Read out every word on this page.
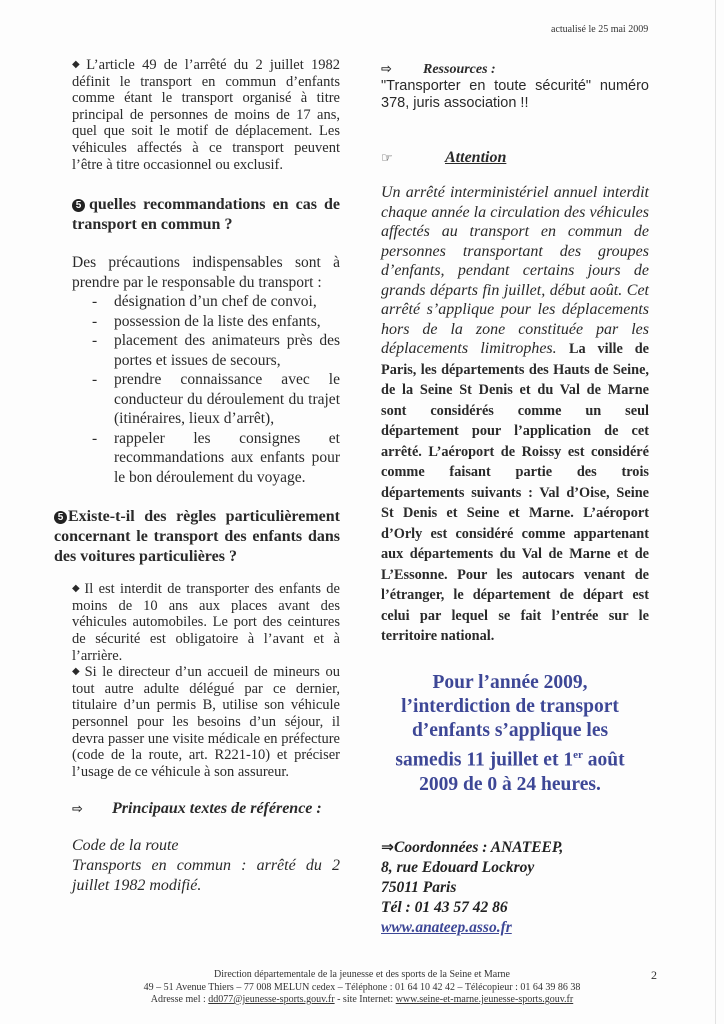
actualisé le 25 mai 2009

◆ L’article 49 de l’arrêté du 2 juillet 1982 définit le transport en commun d’enfants comme étant le transport organisé à titre principal de personnes de moins de 17 ans, quel que soit le motif de déplacement. Les véhicules affectés à ce transport peuvent l’être à titre occasionnel ou exclusif.

5 quelles recommandations en cas de transport en commun ?

Des précautions indispensables sont à prendre par le responsable du transport :

- désignation d’un chef de convoi,
- possession de la liste des enfants,
- placement des animateurs près des portes et issues de secours,
- prendre connaissance avec le conducteur du déroulement du trajet (itinéraires, lieux d’arrêt),
- rappeler les consignes et recommandations aux enfants pour le bon déroulement du voyage.
5 Existe-t-il des règles particulièrement concernant le transport des enfants dans des voitures particulières ?

◆ Il est interdit de transporter des enfants de moins de 10 ans aux places avant des véhicules automobiles. Le port des ceintures de sécurité est obligatoire à l’avant et à l’arrière.

◆ Si le directeur d’un accueil de mineurs ou tout autre adulte délégué par ce dernier, titulaire d’un permis B, utilise son véhicule personnel pour les besoins d’un séjour, il devra passer une visite médicale en préfecture (code de la route, art. R221-10) et préciser l’usage de ce véhicule à son assureur.

⇨ Principaux textes de référence :
Code de la route
Transports en commun : arrêté du 2 juillet 1982 modifié.
⇨ Ressources :

"Transporter en toute sécurité" numéro 378, juris association !!

☞	Attention

Un arrêté interministériel annuel interdit chaque année la circulation des véhicules affectés au transport en commun de personnes transportant des groupes d’enfants, pendant certains jours de grands départs fin juillet, début août. Cet arrêté s’applique pour les déplacements hors de la zone constituée par les déplacements limitrophes. La ville de Paris, les départements des Hauts de Seine, de la Seine St Denis et du Val de Marne sont considérés comme un seul département pour l’application de cet arrêté. L’aéroport de Roissy est considéré comme faisant partie des trois départements suivants : Val d’Oise, Seine St Denis et Seine et Marne. L’aéroport d’Orly est considéré comme appartenant aux départements du Val de Marne et de L’Essonne. Pour les autocars venant de l’étranger, le département de départ est celui par lequel se fait l’entrée sur le territoire national.

Pour l’année 2009,
l’interdiction de transport
d’enfants s’applique les
samedis 11 juillet et 1er août
2009 de 0 à 24 heures.
⇒Coordonnées : ANATEEP,
8, rue Edouard Lockroy
75011 Paris
Tél : 01 43 57 42 86
www.anateep.asso.fr
Direction départementale de la jeunesse et des sports de la Seine et Marne
49 – 51 Avenue Thiers – 77 008 MELUN cedex – Téléphone : 01 64 10 42 42 – Télécopieur : 01 64 39 86 38
Adresse mel : dd077@jeunesse-sports.gouv.fr - site Internet: www.seine-et-marne.jeunesse-sports.gouv.fr
2
